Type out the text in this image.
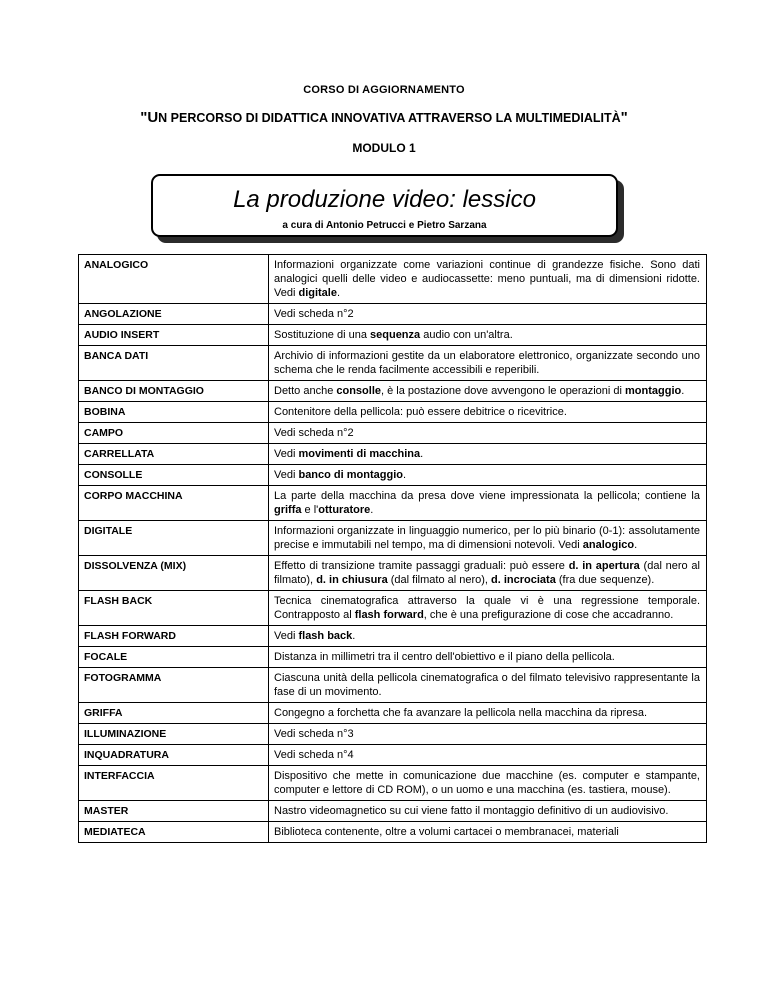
CORSO DI AGGIORNAMENTO
"UN PERCORSO DI DIDATTICA INNOVATIVA ATTRAVERSO LA MULTIMEDIALITÀ"
MODULO 1
La produzione video: lessico
a cura di Antonio Petrucci e Pietro Sarzana
ANALOGICO	Informazioni organizzate come variazioni continue di grandezze fisiche. Sono dati analogici quelli delle video e audiocassette: meno puntuali, ma di dimensioni ridotte. Vedi digitale.
ANGOLAZIONE	Vedi scheda n°2
AUDIO INSERT	Sostituzione di una sequenza audio con un'altra.
BANCA DATI	Archivio di informazioni gestite da un elaboratore elettronico, organizzate secondo uno schema che le renda facilmente accessibili e reperibili.
BANCO DI MONTAGGIO	Detto anche consolle, è la postazione dove avvengono le operazioni di montaggio.
BOBINA	Contenitore della pellicola: può essere debitrice o ricevitrice.
CAMPO	Vedi scheda n°2
CARRELLATA	Vedi movimenti di macchina.
CONSOLLE	Vedi banco di montaggio.
CORPO MACCHINA	La parte della macchina da presa dove viene impressionata la pellicola; contiene la griffa e l'otturatore.
DIGITALE	Informazioni organizzate in linguaggio numerico, per lo più binario (0-1): assolutamente precise e immutabili nel tempo, ma di dimensioni notevoli. Vedi analogico.
DISSOLVENZA (MIX)	Effetto di transizione tramite passaggi graduali: può essere d. in apertura (dal nero al filmato), d. in chiusura (dal filmato al nero), d. incrociata (fra due sequenze).
FLASH BACK	Tecnica cinematografica attraverso la quale vi è una regressione temporale. Contrapposto al flash forward, che è una prefigurazione di cose che accadranno.
FLASH FORWARD	Vedi flash back.
FOCALE	Distanza in millimetri tra il centro dell'obiettivo e il piano della pellicola.
FOTOGRAMMA	Ciascuna unità della pellicola cinematografica o del filmato televisivo rappresentante la fase di un movimento.
GRIFFA	Congegno a forchetta che fa avanzare la pellicola nella macchina da ripresa.
ILLUMINAZIONE	Vedi scheda n°3
INQUADRATURA	Vedi scheda n°4
INTERFACCIA	Dispositivo che mette in comunicazione due macchine (es. computer e stampante, computer e lettore di CD ROM), o un uomo e una macchina (es. tastiera, mouse).
MASTER	Nastro videomagnetico su cui viene fatto il montaggio definitivo di un audiovisivo.
MEDIATECA	Biblioteca contenente, oltre a volumi cartacei o membranacei, materiali
